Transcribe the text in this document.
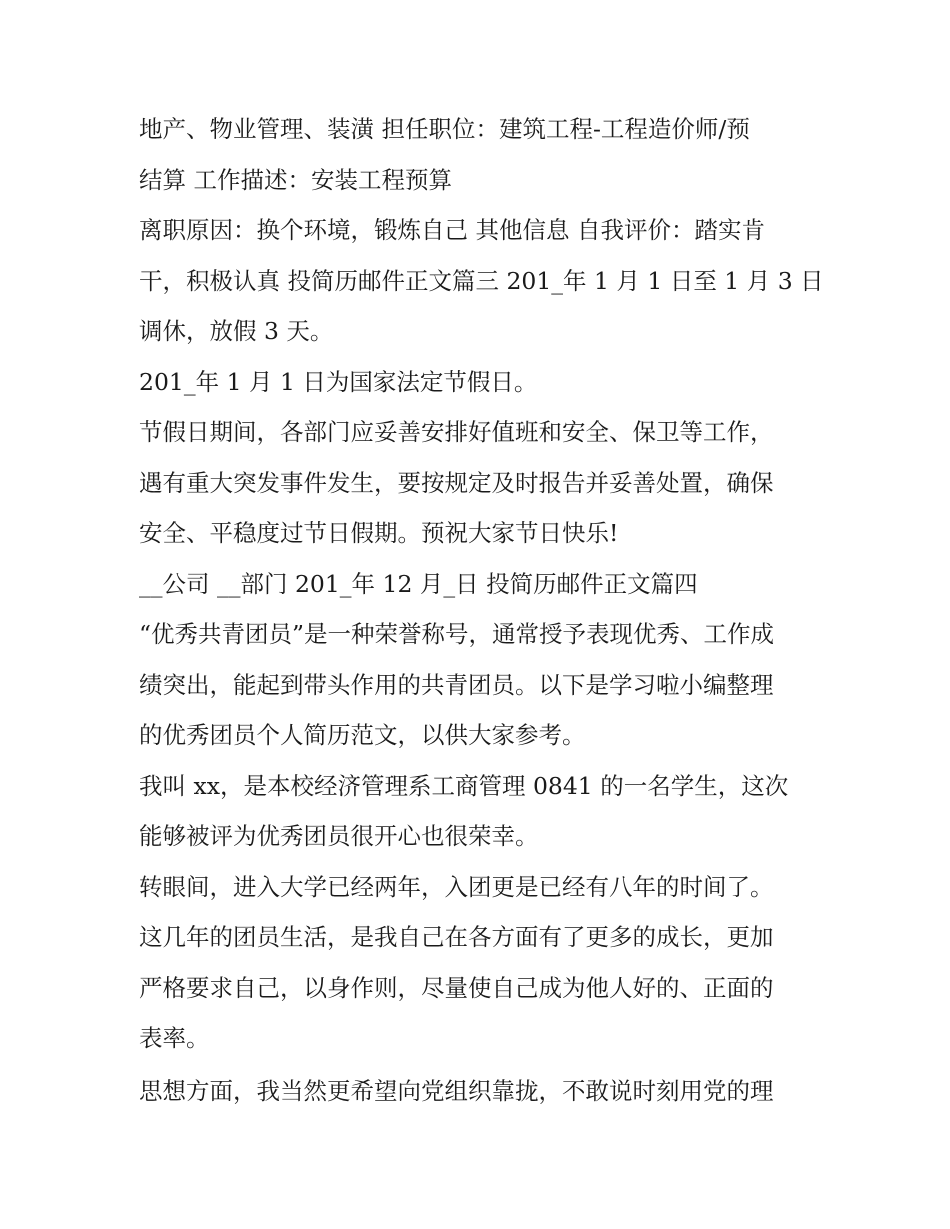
地产、物业管理、装潢 担任职位：建筑工程-工程造价师/预
结算 工作描述：安装工程预算
离职原因：换个环境，锻炼自己 其他信息 自我评价：踏实肯
干，积极认真 投简历邮件正文篇三 201_年 1 月 1 日至 1 月 3 日
调休，放假 3 天。
201_年 1 月 1 日为国家法定节假日。
节假日期间，各部门应妥善安排好值班和安全、保卫等工作，
遇有重大突发事件发生，要按规定及时报告并妥善处置，确保
安全、平稳度过节日假期。预祝大家节日快乐!
__公司 __部门 201_年 12 月_日 投简历邮件正文篇四
“优秀共青团员”是一种荣誉称号，通常授予表现优秀、工作成
绩突出，能起到带头作用的共青团员。以下是学习啦小编整理
的优秀团员个人简历范文，以供大家参考。
我叫 xx，是本校经济管理系工商管理 0841 的一名学生，这次
能够被评为优秀团员很开心也很荣幸。
转眼间，进入大学已经两年，入团更是已经有八年的时间了。
这几年的团员生活，是我自己在各方面有了更多的成长，更加
严格要求自己，以身作则，尽量使自己成为他人好的、正面的
表率。
思想方面，我当然更希望向党组织靠拢，不敢说时刻用党的理
